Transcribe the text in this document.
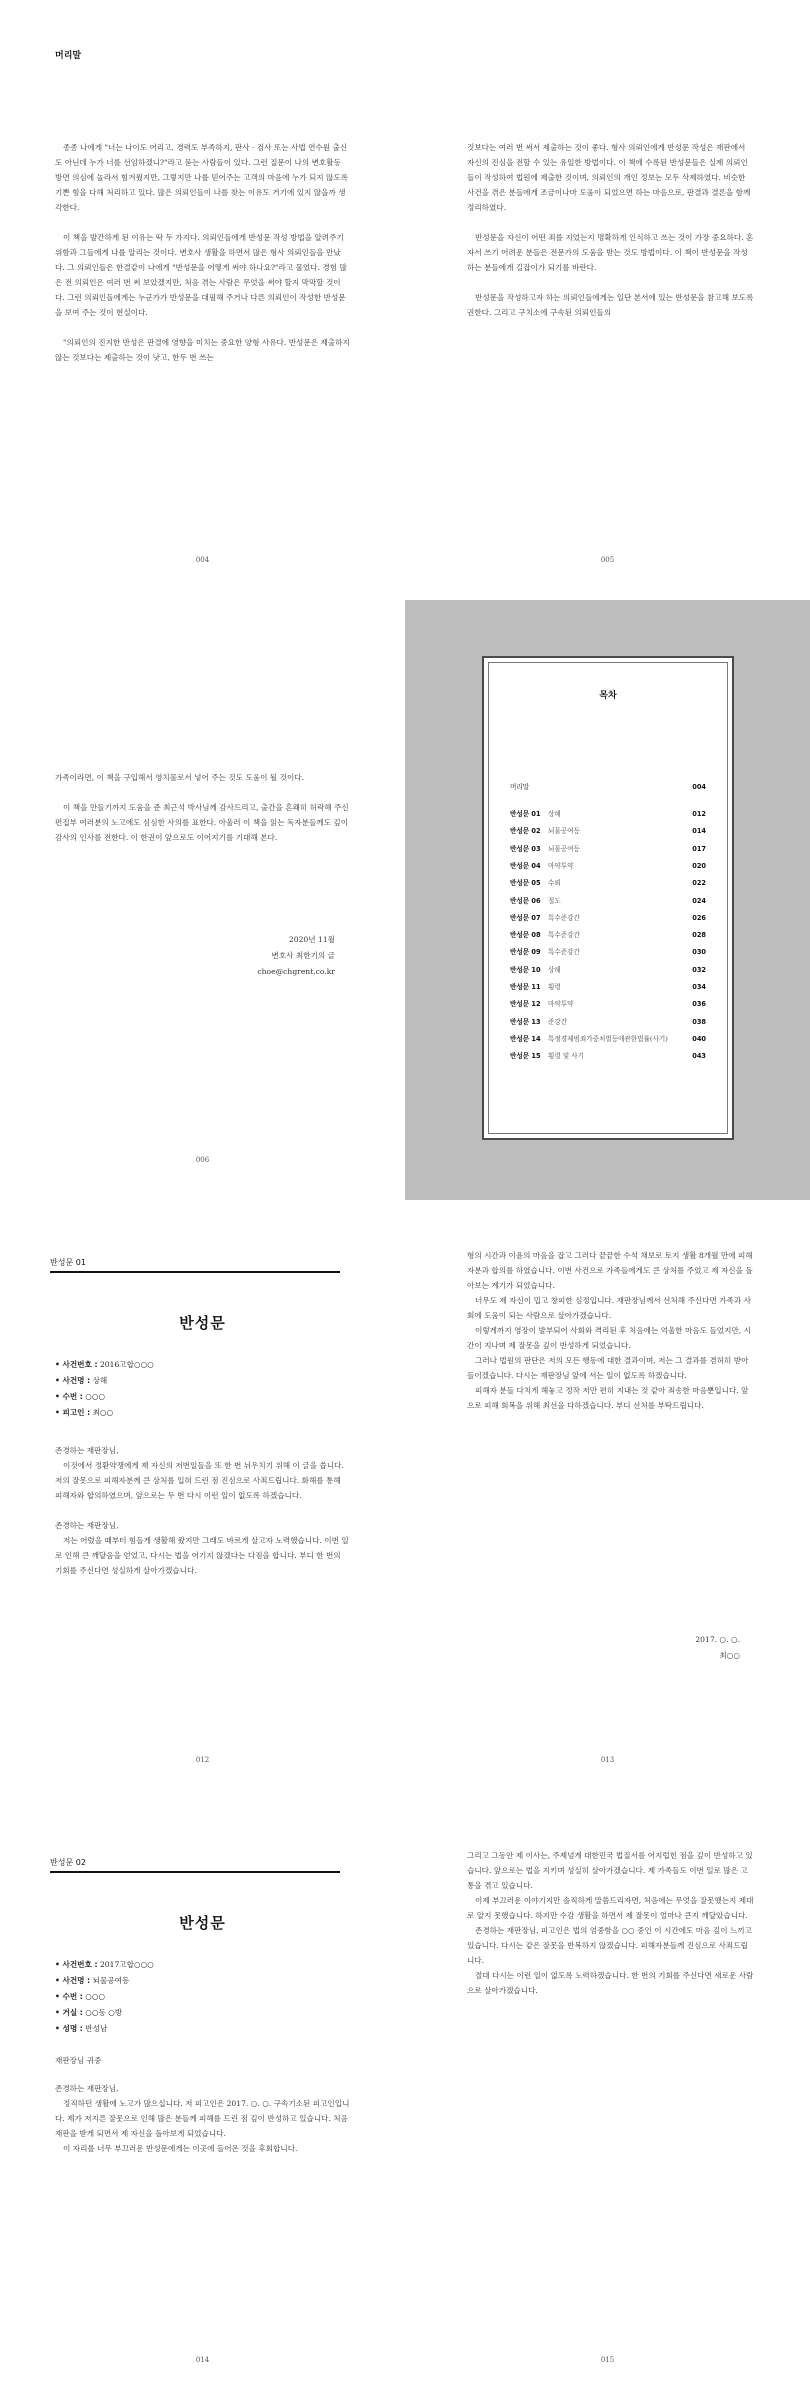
머리말

종종 나에게 "너는 나이도 어리고, 경력도 부족하지, 판사 · 검사 또는 사법 연수원 출신도 아닌데 누가 너를 선임하겠니?"라고 묻는 사람들이 있다. 그런 질문이 나의 변호활동 방면 의심에 놀라서 힘겨웠지만, 그렇지만 나를 믿어주는 고객의 마음에 누가 되지 않도록 기쁜 힘을 다해 처리하고 있다. 많은 의뢰인들이 나를 찾는 이유도 거기에 있지 않을까 생각한다.

이 책을 발간하게 된 이유는 딱 두 가지다. 의뢰인들에게 반성문 작성 방법을 알려주기 위함과 그들에게 나를 알리는 것이다. 변호사 생활을 하면서 많은 형사 의뢰인들을 만났다. 그 의뢰인들은 한결같이 나에게 "반성문을 어떻게 써야 하나요?"라고 물었다. 경험 많은 전 의뢰인은 여러 번 써 보았겠지만, 처음 겪는 사람은 무엇을 써야 할지 막막할 것이다. 그런 의뢰인들에게는 누군가가 반성문을 대필해 주거나 다른 의뢰인이 작성한 반성문을 보여 주는 것이 현실이다.

"의뢰인의 진지한 반성은 판결에 영향을 미치는 중요한 양형 사유다. 반성문은 제출하지 않는 것보다는 제출하는 것이 낫고, 한두 번 쓰는

004

것보다는 여러 번 써서 제출하는 것이 좋다. 형사 의뢰인에게 반성문 작성은 재판에서 자신의 진심을 전할 수 있는 유일한 방법이다. 이 책에 수록된 반성문들은 실제 의뢰인들이 작성하여 법원에 제출한 것이며, 의뢰인의 개인 정보는 모두 삭제하였다. 비슷한 사건을 겪은 분들에게 조금이나마 도움이 되었으면 하는 마음으로, 판결과 결론을 함께 정리하였다.

반성문을 자신이 어떤 죄를 지었는지 명확하게 인식하고 쓰는 것이 가장 중요하다. 혼자서 쓰기 어려운 분들은 전문가의 도움을 받는 것도 방법이다. 이 책이 반성문을 작성하는 분들에게 길잡이가 되기를 바란다.

반성문을 작성하고자 하는 의뢰인들에게는 일단 본서에 있는 반성문을 참고해 보도록 권한다. 그리고 구치소에 구속된 의뢰인들의

005

가족이라면, 이 책을 구입해서 영치물로서 넣어 주는 것도 도움이 될 것이다.

이 책을 만들기까지 도움을 준 최근석 박사님께 감사드리고, 출간을 흔쾌히 허락해 주신 편집부 여러분의 노고에도 심심한 사의를 표한다. 아울러 이 책을 읽는 독자분들께도 깊이 감사의 인사를 전한다. 이 한권이 앞으로도 이어지기를 기대해 본다.

2020년 11월
변호사 최한기의 글
choe@chgrent.co.kr
006
목차
머리말	004
반성문 01 상해	012
반성문 02 뇌물공여등	014
반성문 03 뇌물공여등	017
반성문 04 마약투약	020
반성문 05 수뢰	022
반성문 06 절도	024
반성문 07 특수준강간	026
반성문 08 특수준강간	028
반성문 09 특수준강간	030
반성문 10 상해	032
반성문 11 횡령	034
반성문 12 마약투약	036
반성문 13 준강간	038
반성문 14 특정경제범죄가중처벌등에관한법률(사기)	040
반성문 15 횡령 및 사기	043
반성문 01
반성문
• 사건번호 : 2016고합○○○
• 사건명 : 상해
• 수번 : ○○○
• 피고인 : 최○○

존경하는 재판장님,

이것에서 정환약쟁에게 제 자신의 저번일들을 또 한 번 뉘우치기 위해 이 글을 씁니다. 저의 잘못으로 피해자분께 큰 상처를 입혀 드린 점 진심으로 사죄드립니다. 화해를 통해 피해자와 합의하였으며, 앞으로는 두 번 다시 이런 일이 없도록 하겠습니다.

존경하는 재판장님,

저는 어렸을 때부터 힘들게 생활해 왔지만 그래도 바르게 살고자 노력했습니다. 이번 일로 인해 큰 깨달음을 얻었고, 다시는 법을 어기지 않겠다는 다짐을 합니다. 부디 한 번의 기회를 주신다면 성실하게 살아가겠습니다.

012

형의 시간과 이윤의 마음을 잡고 그러다 끝끝한 수석 채보로 토지 생활 8개월 만에 피해자분과 합의를 하였습니다. 이번 사건으로 가족들에게도 큰 상처를 주었고 제 자신을 돌아보는 계기가 되었습니다.

너무도 제 자신이 밉고 창피한 심정입니다. 재판장님께서 선처해 주신다면 가족과 사회에 도움이 되는 사람으로 살아가겠습니다.

이렇게까지 영장이 발부되어 사회와 격리된 후 처음에는 억울한 마음도 들었지만, 시간이 지나며 제 잘못을 깊이 반성하게 되었습니다.

그러나 법원의 판단은 저의 모든 행동에 대한 결과이며, 저는 그 결과를 겸허히 받아들이겠습니다. 다시는 재판장님 앞에 서는 일이 없도록 하겠습니다.

피해자 분들 다치게 해놓고 정작 저만 편히 지내는 것 같아 죄송한 마음뿐입니다. 앞으로 피해 회복을 위해 최선을 다하겠습니다. 부디 선처를 부탁드립니다.

2017. ○. ○.
최○○
013
반성문 02
반성문
• 사건번호 : 2017고합○○○
• 사건명 : 뇌물공여등
• 수번 : ○○○
• 거실 : ○○동 ○방
• 성명 : 반성남
재판장님 귀중

존경하는 재판장님,

정직하던 생활에 노고가 많으십니다. 저 피고인은 2017. ○. ○. 구속기소된 피고인입니다. 제가 저지른 잘못으로 인해 많은 분들께 피해를 드린 점 깊이 반성하고 있습니다. 처음 재판을 받게 되면서 제 자신을 돌아보게 되었습니다.

이 자리를 너무 부끄러운 반성문에게는 이곳에 들어온 것을 후회합니다.

014

그리고 그동안 제 이사는, 주제넘게 대한민국 법질서를 어지럽힌 점을 깊이 반성하고 있습니다. 앞으로는 법을 지키며 성실히 살아가겠습니다. 제 가족들도 이번 일로 많은 고통을 겪고 있습니다.

이제 부끄러운 이야기지만 솔직하게 말씀드리자면, 처음에는 무엇을 잘못했는지 제대로 알지 못했습니다. 하지만 수감 생활을 하면서 제 잘못이 얼마나 큰지 깨달았습니다.

존경하는 재판장님, 피고인은 법의 엄중함을 ○○ 중인 이 시간에도 마음 깊이 느끼고 있습니다. 다시는 같은 잘못을 반복하지 않겠습니다. 피해자분들께 진심으로 사죄드립니다.

절대 다시는 이런 일이 없도록 노력하겠습니다. 한 번의 기회를 주신다면 새로운 사람으로 살아가겠습니다.

015
